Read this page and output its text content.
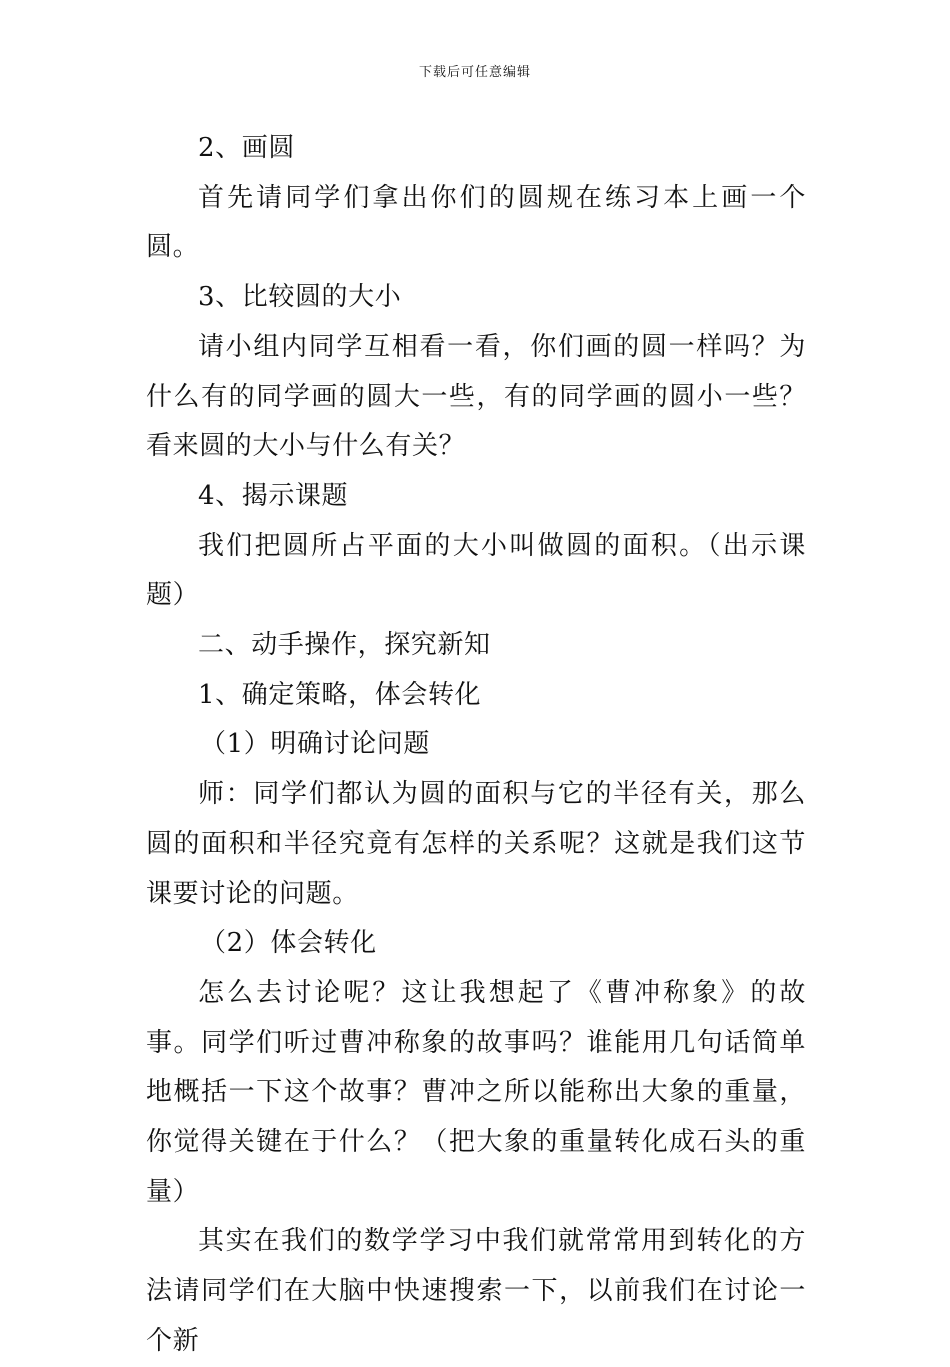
下载后可任意编辑

2、画圆

首先请同学们拿出你们的圆规在练习本上画一个圆。

3、比较圆的大小

请小组内同学互相看一看，你们画的圆一样吗？为什么有的同学画的圆大一些，有的同学画的圆小一些？看来圆的大小与什么有关？

4、揭示课题

我们把圆所占平面的大小叫做圆的面积。（出示课题）

二、动手操作，探究新知

1、确定策略，体会转化

（1）明确讨论问题

师：同学们都认为圆的面积与它的半径有关，那么圆的面积和半径究竟有怎样的关系呢？这就是我们这节课要讨论的问题。

（2）体会转化

怎么去讨论呢？这让我想起了《曹冲称象》的故事。同学们听过曹冲称象的故事吗？谁能用几句话简单地概括一下这个故事？曹冲之所以能称出大象的重量，你觉得关键在于什么？（把大象的重量转化成石头的重量）

其实在我们的数学学习中我们就常常用到转化的方法请同学们在大脑中快速搜索一下，以前我们在讨论一个新
